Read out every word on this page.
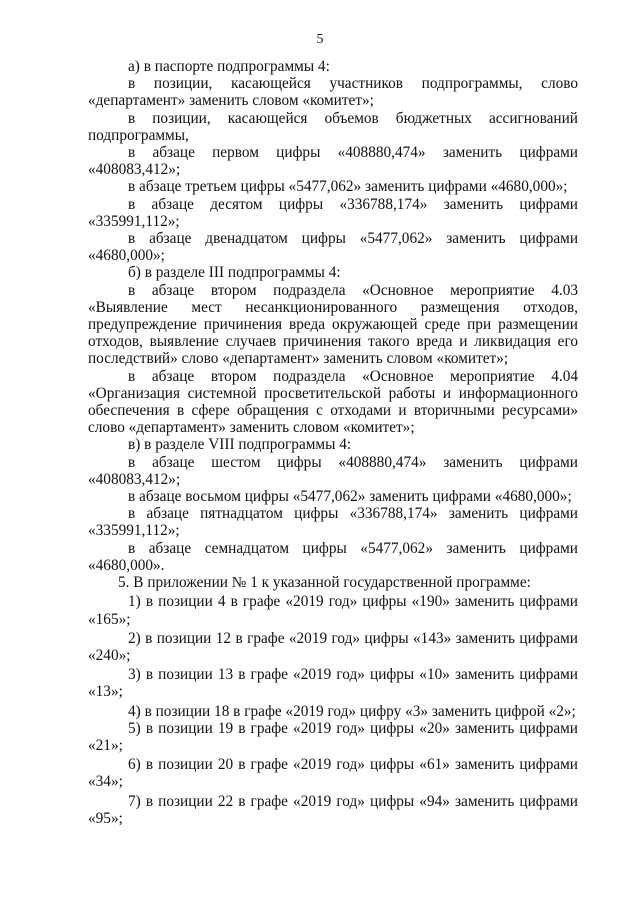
5

а) в паспорте подпрограммы 4:

в позиции, касающейся участников подпрограммы, слово «департамент» заменить словом «комитет»;

в позиции, касающейся объемов бюджетных ассигнований подпрограммы,

в абзаце первом цифры «408880,474» заменить цифрами «408083,412»;

в абзаце третьем цифры «5477,062» заменить цифрами «4680,000»;

в абзаце десятом цифры «336788,174» заменить цифрами «335991,112»;

в абзаце двенадцатом цифры «5477,062» заменить цифрами «4680,000»;

б) в разделе III подпрограммы 4:

в абзаце втором подраздела «Основное мероприятие 4.03 «Выявление мест несанкционированного размещения отходов, предупреждение причинения вреда окружающей среде при размещении отходов, выявление случаев причинения такого вреда и ликвидация его последствий» слово «департамент» заменить словом «комитет»;

в абзаце втором подраздела «Основное мероприятие 4.04 «Организация системной просветительской работы и информационного обеспечения в сфере обращения с отходами и вторичными ресурсами» слово «департамент» заменить словом «комитет»;

в) в разделе VIII подпрограммы 4:

в абзаце шестом цифры «408880,474» заменить цифрами «408083,412»;

в абзаце восьмом цифры «5477,062» заменить цифрами «4680,000»;

в абзаце пятнадцатом цифры «336788,174» заменить цифрами «335991,112»;

в абзаце семнадцатом цифры «5477,062» заменить цифрами «4680,000».

5. В приложении № 1 к указанной государственной программе:

1) в позиции 4 в графе «2019 год» цифры «190» заменить цифрами «165»;

2) в позиции 12 в графе «2019 год» цифры «143» заменить цифрами «240»;

3) в позиции 13 в графе «2019 год» цифры «10» заменить цифрами «13»;

4) в позиции 18 в графе «2019 год» цифру «3» заменить цифрой «2»;

5) в позиции 19 в графе «2019 год» цифры «20» заменить цифрами «21»;

6) в позиции 20 в графе «2019 год» цифры «61» заменить цифрами «34»;

7) в позиции 22 в графе «2019 год» цифры «94» заменить цифрами «95»;
